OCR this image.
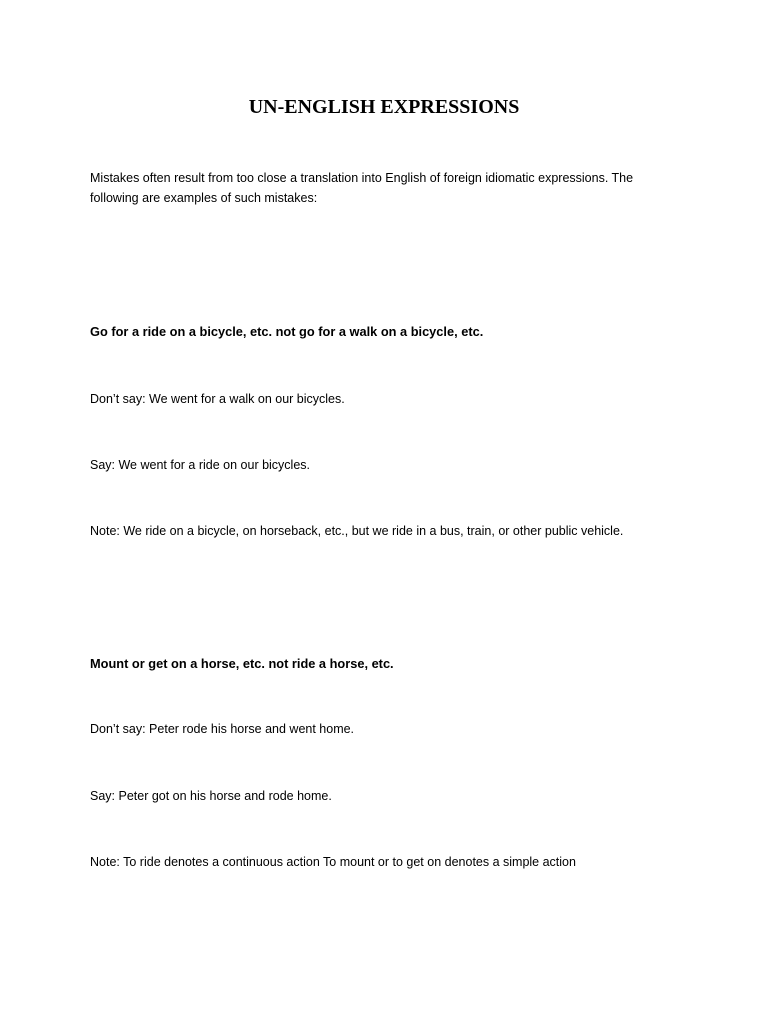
UN-ENGLISH EXPRESSIONS

Mistakes often result from too close a translation into English of foreign idiomatic expressions. The following are examples of such mistakes:

Go for a ride on a bicycle, etc. not go for a walk on a bicycle, etc.

Don’t say: We went for a walk on our bicycles.

Say: We went for a ride on our bicycles.

Note: We ride on a bicycle, on horseback, etc., but we ride in a bus, train, or other public vehicle.

Mount or get on a horse, etc. not ride a horse, etc.

Don’t say: Peter rode his horse and went home.

Say: Peter got on his horse and rode home.

Note: To ride denotes a continuous action To mount or to get on denotes a simple action
